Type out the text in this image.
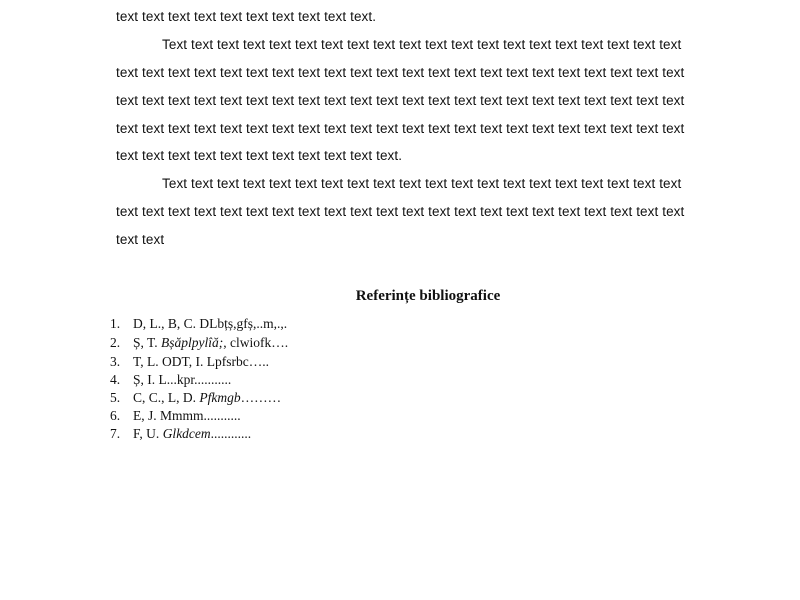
text text text text text text text text text text.
Text text text text text text text text text text text text text text text text text text text text
text text text text text text text text text text text text text text text text text text text text text text
text text text text text text text text text text text text text text text text text text text text text text
text text text text text text text text text text text text text text text text text text text text text text
text text text text text text text text text text text.
Text text text text text text text text text text text text text text text text text text text text
text text text text text text text text text text text text text text text text text text text text text text
text text
Referințe bibliografice
1. D, L., B, C. DLbțș,gfș,..m,.,.
2. Ș, T. Bșăplpylîă;, clwiofk….
3. T, L. ODT, I. Lpfsrbc…..
4. Ș, I. L...kpr...........
5. C, C., L, D. Pfkmgb………
6. E, J. Mmmm...........
7. F, U. Glkdcem............
